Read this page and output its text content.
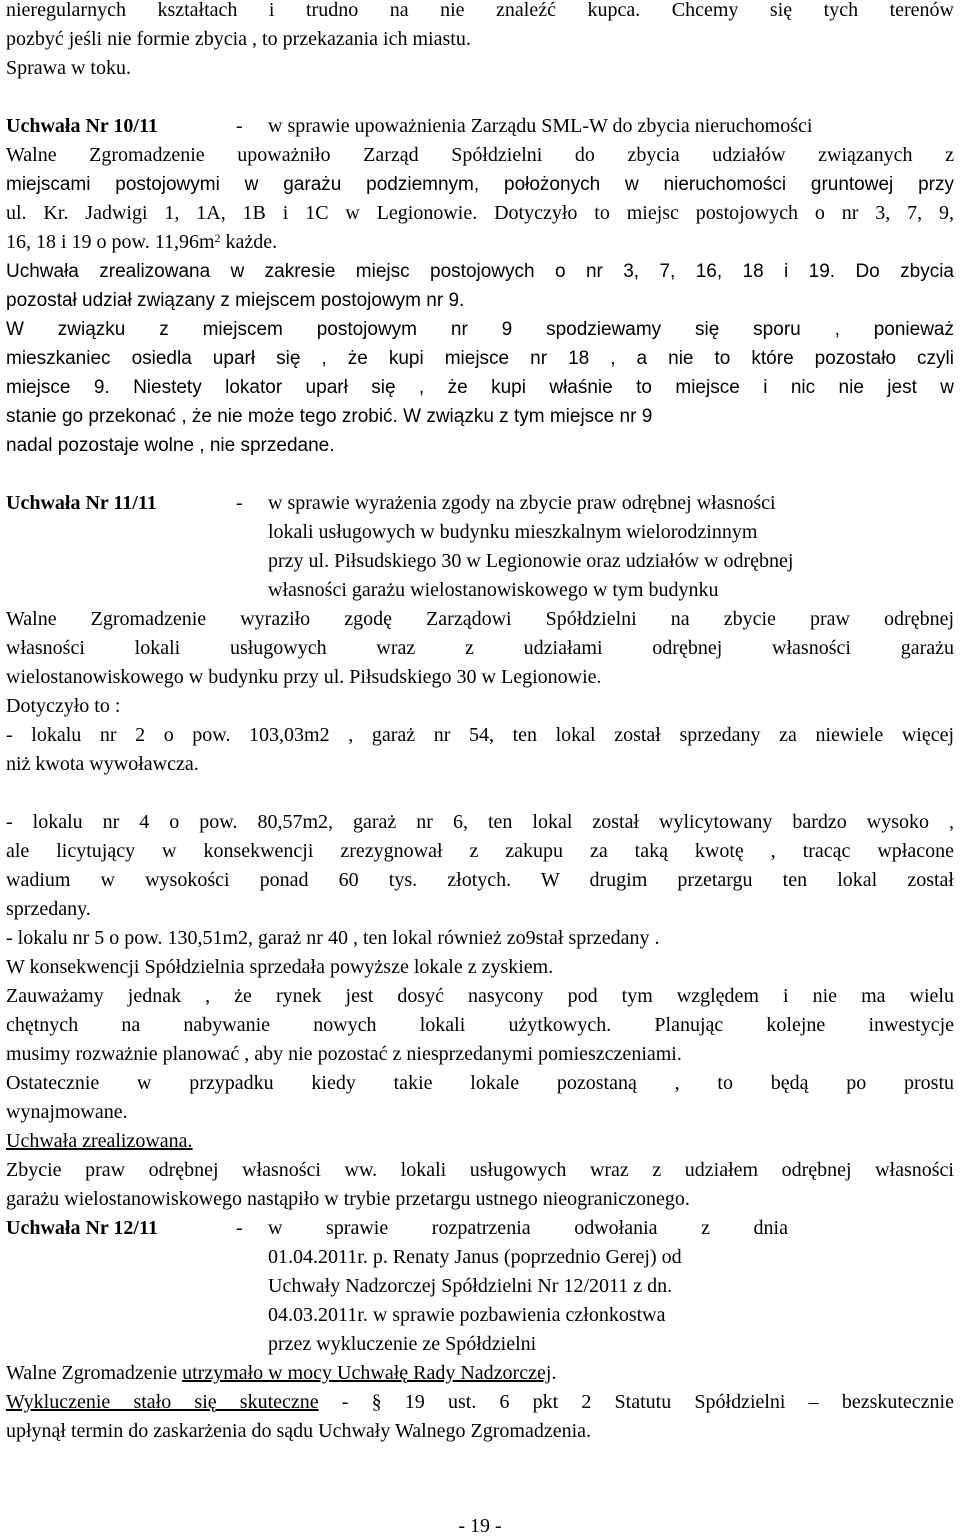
nieregularnych kształtach i trudno na nie znaleźć kupca. Chcemy się tych terenów
pozbyć jeśli nie formie zbycia , to przekazania ich miastu.
Sprawa w toku.
Uchwała Nr 10/11	- w sprawie upoważnienia Zarządu SML-W do zbycia nieruchomości
Walne Zgromadzenie upoważniło Zarząd Spółdzielni do zbycia udziałów związanych z
miejscami postojowymi w garażu podziemnym, położonych w nieruchomości gruntowej przy
ul. Kr. Jadwigi 1, 1A, 1B i 1C w Legionowie. Dotyczyło to miejsc postojowych o nr 3, 7, 9,
16, 18 i 19 o pow. $11,96m^2$ każde.
Uchwała zrealizowana w zakresie miejsc postojowych o nr 3, 7, 16, 18 i 19. Do zbycia
pozostał udział związany z miejscem postojowym nr 9.
W związku z miejscem postojowym nr 9 spodziewamy się sporu , ponieważ
mieszkaniec osiedla uparł się , że kupi miejsce nr 18 , a nie to które pozostało czyli
miejsce 9. Niestety lokator uparł się , że kupi właśnie to miejsce i nic nie jest w
stanie go przekonać , że nie może tego zrobić. W związku z tym miejsce nr 9
nadal pozostaje wolne , nie sprzedane.
Uchwała Nr 11/11	- w sprawie wyrażenia zgody na zbycie praw odrębnej własności
lokali usługowych w budynku mieszkalnym wielorodzinnym
przy ul. Piłsudskiego 30 w Legionowie oraz udziałów w odrębnej
własności garażu wielostanowiskowego w tym budynku
Walne Zgromadzenie wyraziło zgodę Zarządowi Spółdzielni na zbycie praw odrębnej
własności lokali usługowych wraz z udziałami odrębnej własności garażu
wielostanowiskowego w budynku przy ul. Piłsudskiego 30 w Legionowie.
Dotyczyło to :
- lokalu nr 2 o pow. 103,03m2 , garaż nr 54, ten lokal został sprzedany za niewiele więcej
niż kwota wywoławcza.
- lokalu nr 4 o pow. 80,57m2, garaż nr 6, ten lokal został wylicytowany bardzo wysoko ,
ale licytujący w konsekwencji zrezygnował z zakupu za taką kwotę , tracąc wpłacone
wadium w wysokości ponad 60 tys. złotych. W drugim przetargu ten lokal został
sprzedany.
- lokalu nr 5 o pow. 130,51m2, garaż nr 40 , ten lokal również zo9stał sprzedany .
W konsekwencji Spółdzielnia sprzedała powyższe lokale z zyskiem.
Zauważamy jednak , że rynek jest dosyć nasycony pod tym względem i nie ma wielu
chętnych na nabywanie nowych lokali użytkowych. Planując kolejne inwestycje
musimy rozważnie planować , aby nie pozostać z niesprzedanymi pomieszczeniami.
Ostatecznie w przypadku kiedy takie lokale pozostaną , to będą po prostu
wynajmowane.
Uchwała zrealizowana.
Zbycie praw odrębnej własności ww. lokali usługowych wraz z udziałem odrębnej własności
garażu wielostanowiskowego nastąpiło w trybie przetargu ustnego nieograniczonego.
Uchwała Nr 12/11	-	w sprawie rozpatrzenia odwołania z dnia
01.04.2011r. p. Renaty Janus (poprzednio Gerej) od
Uchwały Nadzorczej Spółdzielni Nr 12/2011 z dn.
04.03.2011r. w sprawie pozbawienia członkostwa
przez wykluczenie ze Spółdzielni
Walne Zgromadzenie utrzymało w mocy Uchwałę Rady Nadzorczej.
Wykluczenie stało się skuteczne - § 19 ust. 6 pkt 2 Statutu Spółdzielni – bezskutecznie
upłynął termin do zaskarżenia do sądu Uchwały Walnego Zgromadzenia.
- 19 -
